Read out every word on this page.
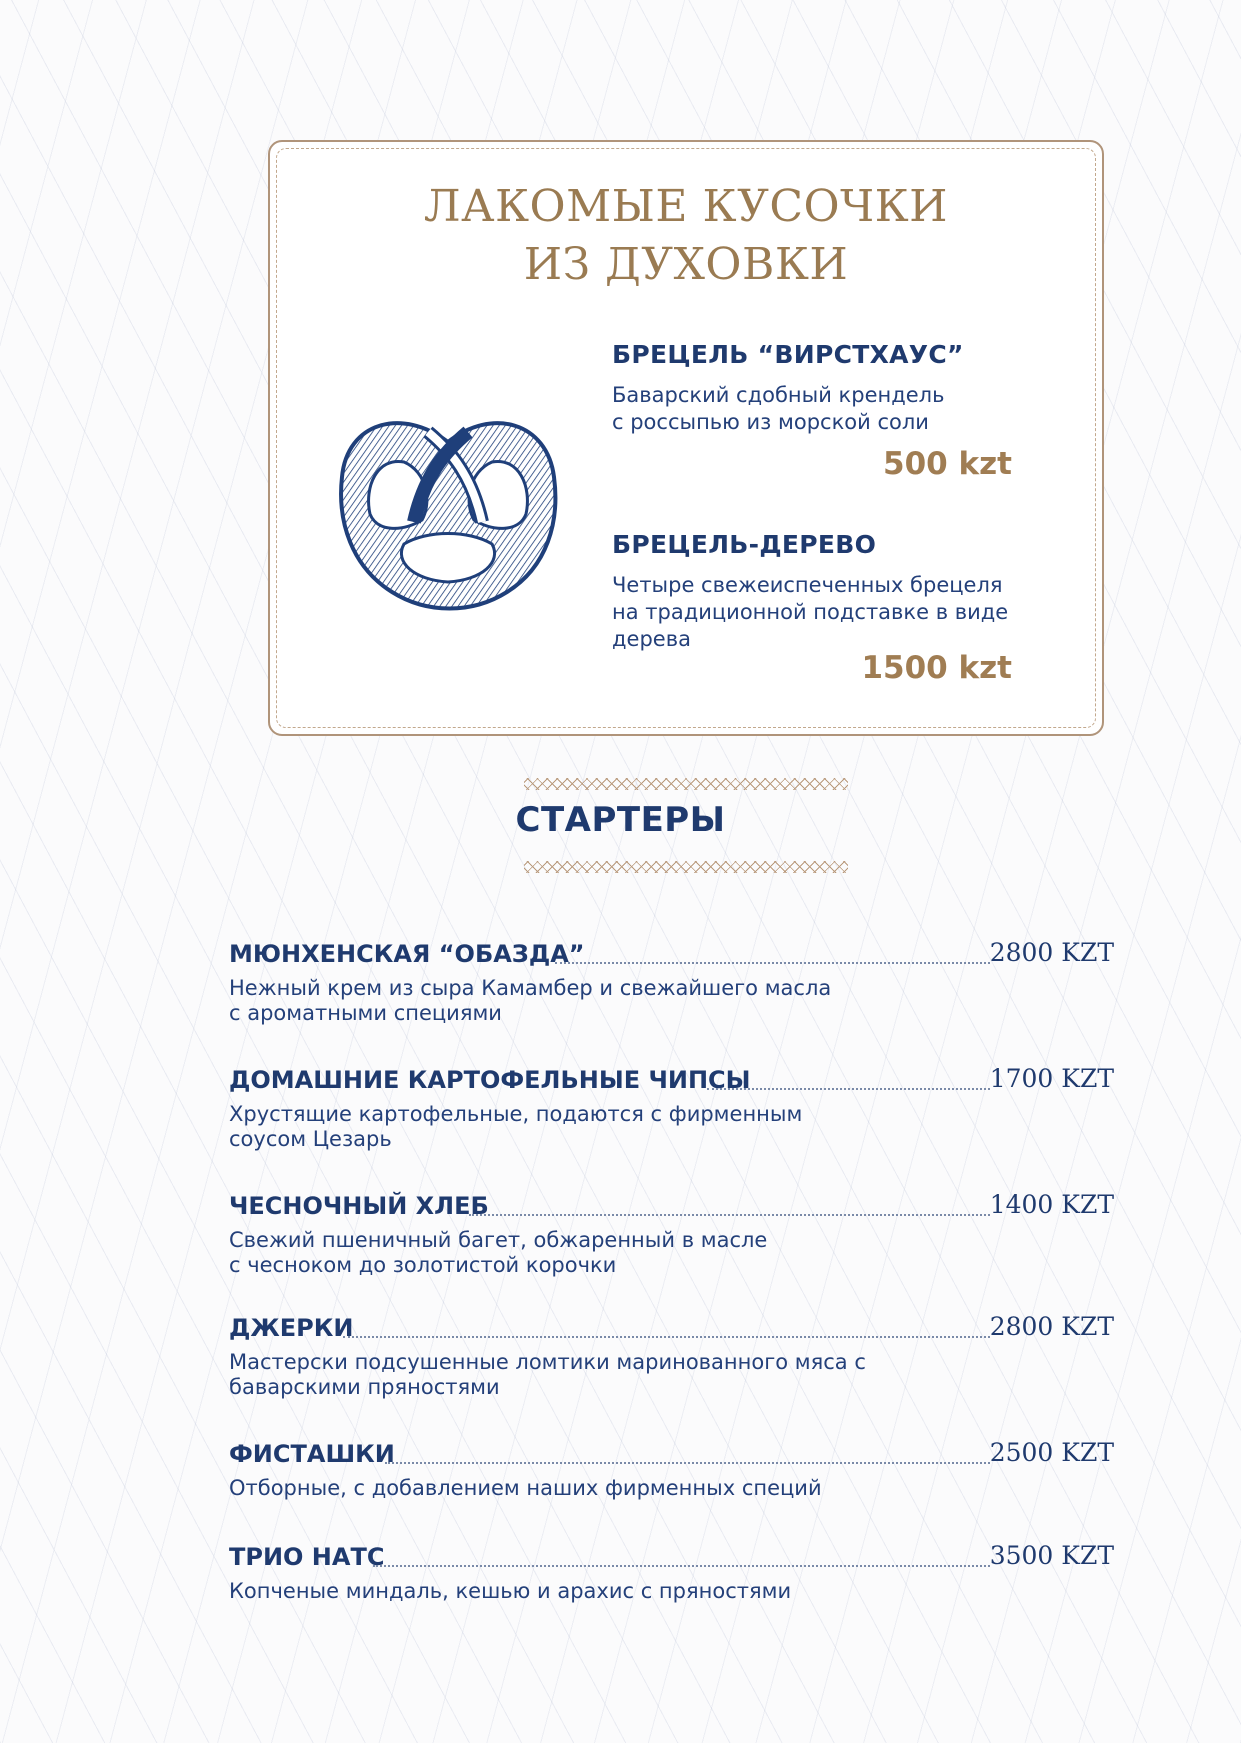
ЛАКОМЫЕ КУСОЧКИ
ИЗ ДУХОВКИ
БРЕЦЕЛЬ “ВИРСТХАУС”
Баварский сдобный крендель
с россыпью из морской соли
500 kzt
БРЕЦЕЛЬ-ДЕРЕВО
Четыре свежеиспеченных брецеля
на традиционной подставке в виде
дерева
1500 kzt
СТАРТЕРЫ
МЮНХЕНСКАЯ “ОБАЗДА”	2800 KZT
Нежный крем из сыра Камамбер и свежайшего масла
с ароматными специями
ДОМАШНИЕ КАРТОФЕЛЬНЫЕ ЧИПСЫ	1700 KZT
Хрустящие картофельные, подаются с фирменным
соусом Цезарь
ЧЕСНОЧНЫЙ ХЛЕБ	1400 KZT
Свежий пшеничный багет, обжаренный в масле
с чесноком до золотистой корочки
ДЖЕРКИ	2800 KZT
Мастерски подсушенные ломтики маринованного мяса с
баварскими пряностями
ФИСТАШКИ	2500 KZT
Отборные, с добавлением наших фирменных специй
ТРИО НАТС	3500 KZT
Копченые миндаль, кешью и арахис с пряностями
